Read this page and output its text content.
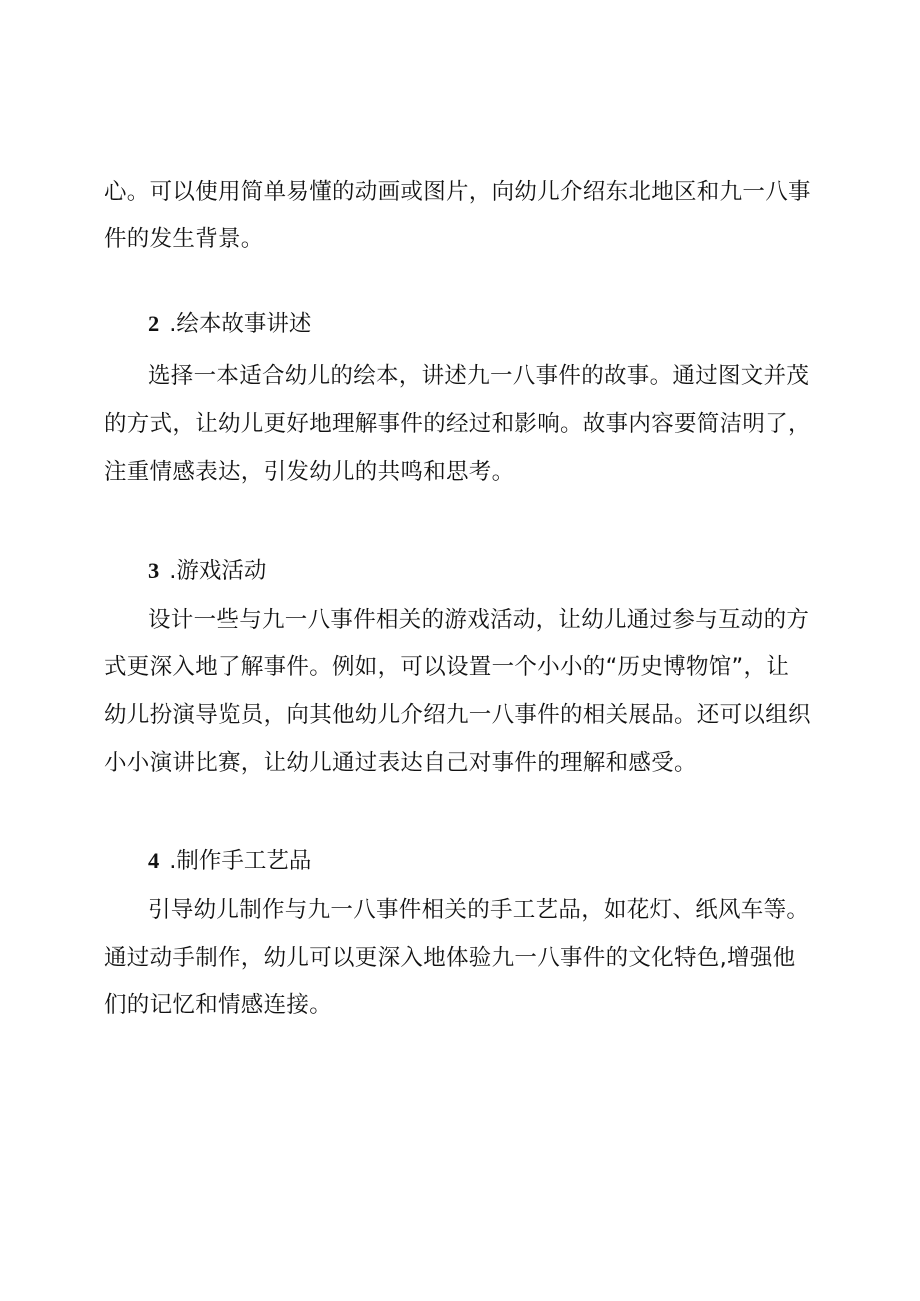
心。可以使用简单易懂的动画或图片，向幼儿介绍东北地区和九一八事
件的发生背景。
2 .绘本故事讲述
选择一本适合幼儿的绘本，讲述九一八事件的故事。通过图文并茂
的方式，让幼儿更好地理解事件的经过和影响。故事内容要简洁明了，
注重情感表达，引发幼儿的共鸣和思考。
3 .游戏活动
设计一些与九一八事件相关的游戏活动，让幼儿通过参与互动的方
式更深入地了解事件。例如，可以设置一个小小的“历史博物馆”，让
幼儿扮演导览员，向其他幼儿介绍九一八事件的相关展品。还可以组织
小小演讲比赛，让幼儿通过表达自己对事件的理解和感受。
4 .制作手工艺品
引导幼儿制作与九一八事件相关的手工艺品，如花灯、纸风车等。
通过动手制作，幼儿可以更深入地体验九一八事件的文化特色,增强他
们的记忆和情感连接。
